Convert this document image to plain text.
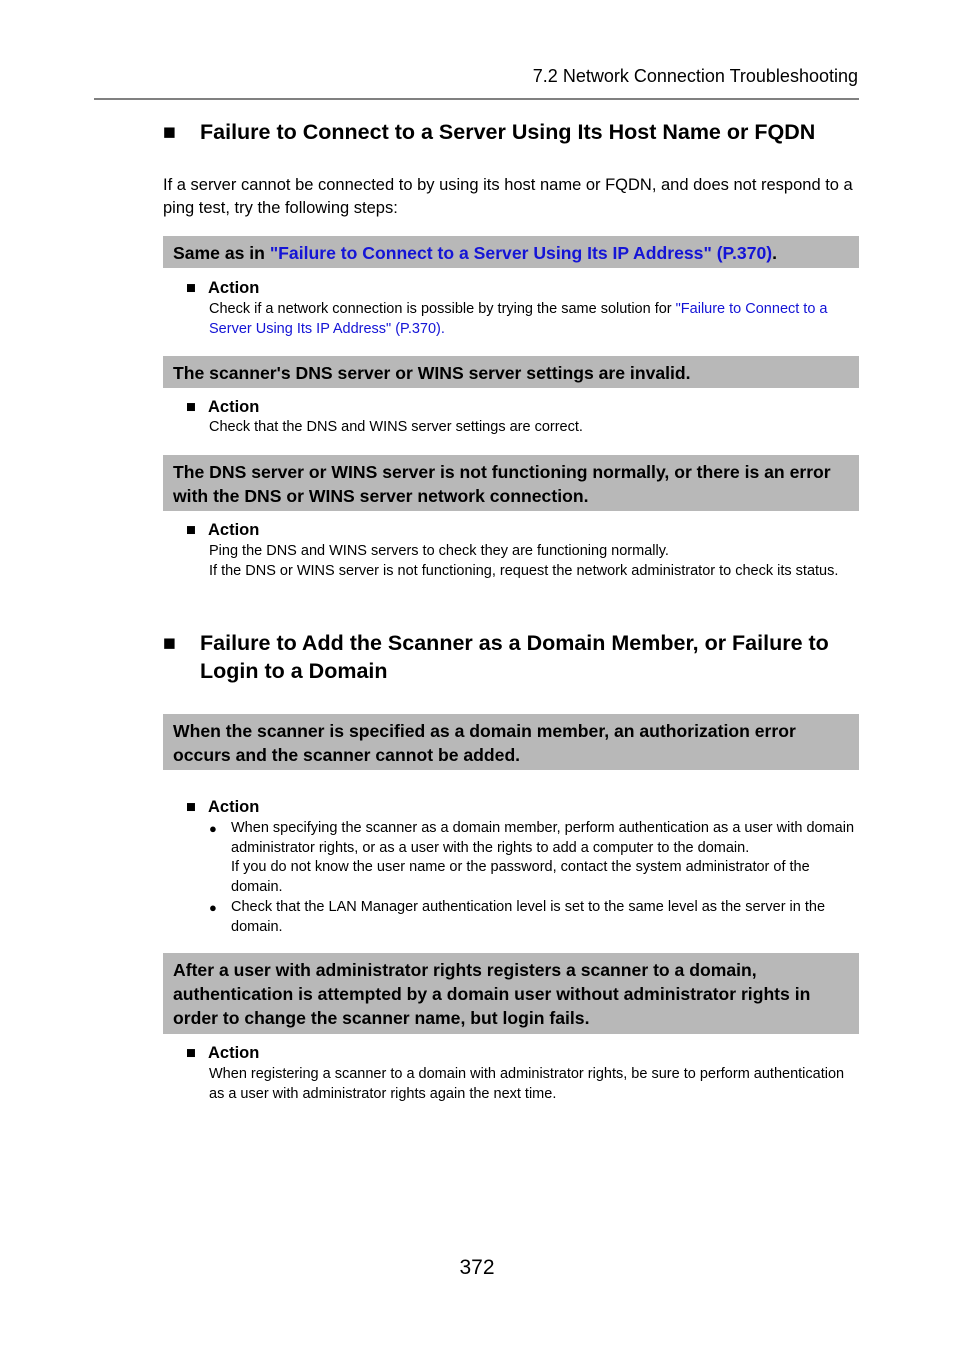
7.2 Network Connection Troubleshooting
■ Failure to Connect to a Server Using Its Host Name or FQDN
If a server cannot be connected to by using its host name or FQDN, and does not respond to a ping test, try the following steps:
Same as in "Failure to Connect to a Server Using Its IP Address" (P.370).
■ Action
Check if a network connection is possible by trying the same solution for "Failure to Connect to a Server Using Its IP Address" (P.370).
The scanner's DNS server or WINS server settings are invalid.
■ Action
Check that the DNS and WINS server settings are correct.
The DNS server or WINS server is not functioning normally, or there is an error with the DNS or WINS server network connection.
■ Action
Ping the DNS and WINS servers to check they are functioning normally.
If the DNS or WINS server is not functioning, request the network administrator to check its status.
■ Failure to Add the Scanner as a Domain Member, or Failure to Login to a Domain
When the scanner is specified as a domain member, an authorization error occurs and the scanner cannot be added.
■ Action
● When specifying the scanner as a domain member, perform authentication as a user with domain administrator rights, or as a user with the rights to add a computer to the domain.
If you do not know the user name or the password, contact the system administrator of the domain.
● Check that the LAN Manager authentication level is set to the same level as the server in the domain.
After a user with administrator rights registers a scanner to a domain, authentication is attempted by a domain user without administrator rights in order to change the scanner name, but login fails.
■ Action
When registering a scanner to a domain with administrator rights, be sure to perform authentication as a user with administrator rights again the next time.
372
